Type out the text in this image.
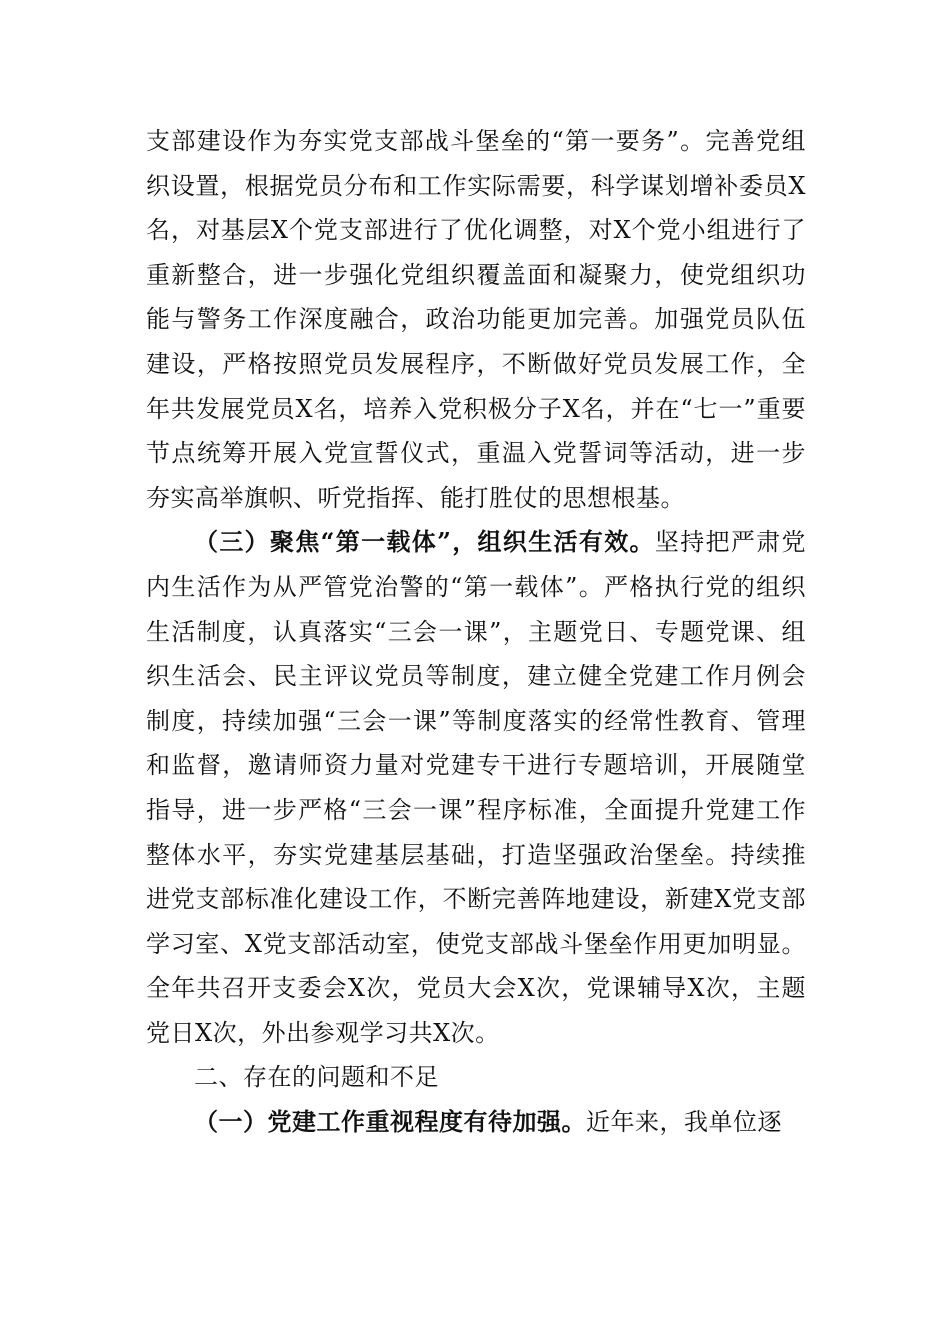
支部建设作为夯实党支部战斗堡垒的“第一要务”。完善党组织设置，根据党员分布和工作实际需要，科学谋划增补委员X名，对基层X个党支部进行了优化调整，对X个党小组进行了重新整合，进一步强化党组织覆盖面和凝聚力，使党组织功能与警务工作深度融合，政治功能更加完善。加强党员队伍建设，严格按照党员发展程序，不断做好党员发展工作，全年共发展党员X名，培养入党积极分子X名，并在“七一”重要节点统筹开展入党宣誓仪式，重温入党誓词等活动，进一步夯实高举旗帜、听党指挥、能打胜仗的思想根基。

（三）聚焦“第一载体”，组织生活有效。坚持把严肃党内生活作为从严管党治警的“第一载体”。严格执行党的组织生活制度，认真落实“三会一课”，主题党日、专题党课、组织生活会、民主评议党员等制度，建立健全党建工作月例会制度，持续加强“三会一课”等制度落实的经常性教育、管理和监督，邀请师资力量对党建专干进行专题培训，开展随堂指导，进一步严格“三会一课”程序标准，全面提升党建工作整体水平，夯实党建基层基础，打造坚强政治堡垒。持续推进党支部标准化建设工作，不断完善阵地建设，新建X党支部学习室、X党支部活动室，使党支部战斗堡垒作用更加明显。全年共召开支委会X次，党员大会X次，党课辅导X次，主题党日X次，外出参观学习共X次。

二、存在的问题和不足

（一）党建工作重视程度有待加强。近年来，我单位逐
